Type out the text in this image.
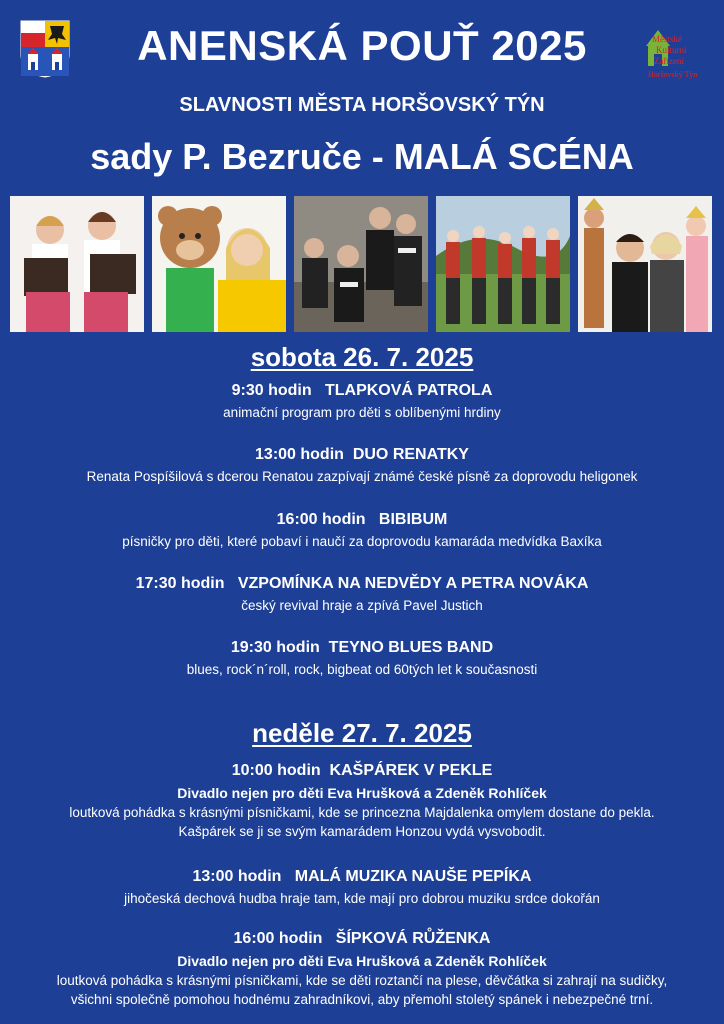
ANENSKÁ POUŤ 2025	Městské
Kulturní
Zařízení
Horšovský Týn
SLAVNOSTI MĚSTA HORŠOVSKÝ TÝN
sady P. Bezruče - MALÁ SCÉNA
sobota 26. 7. 2025
9:30 hodin   TLAPKOVÁ PATROLA
animační program pro děti s oblíbenými hrdiny
13:00 hodin  DUO RENATKY
Renata Pospíšilová s dcerou Renatou zazpívají známé české písně za doprovodu heligonek
16:00 hodin   BIBIBUM
písničky pro děti, které pobaví i naučí za doprovodu kamaráda medvídka Baxíka
17:30 hodin   VZPOMÍNKA NA NEDVĚDY A PETRA NOVÁKA
český revival hraje a zpívá Pavel Justich
19:30 hodin  TEYNO BLUES BAND
blues, rock´n´roll, rock, bigbeat od 60tých let k současnosti
neděle 27. 7. 2025
10:00 hodin  KAŠPÁREK V PEKLE
Divadlo nejen pro děti Eva Hrušková a Zdeněk Rohlíček
loutková pohádka s krásnými písničkami, kde se princezna Majdalenka omylem dostane do pekla.
Kašpárek se ji se svým kamarádem Honzou vydá vysvobodit.
13:00 hodin   MALÁ MUZIKA NAUŠE PEPÍKA
jihočeská dechová hudba hraje tam, kde mají pro dobrou muziku srdce dokořán
16:00 hodin   ŠÍPKOVÁ RŮŽENKA
Divadlo nejen pro děti Eva Hrušková a Zdeněk Rohlíček
loutková pohádka s krásnými písničkami, kde se děti roztančí na plese, děvčátka si zahrají na sudičky,
všichni společně pomohou hodnému zahradníkovi, aby přemohl stoletý spánek i nebezpečné trní.
